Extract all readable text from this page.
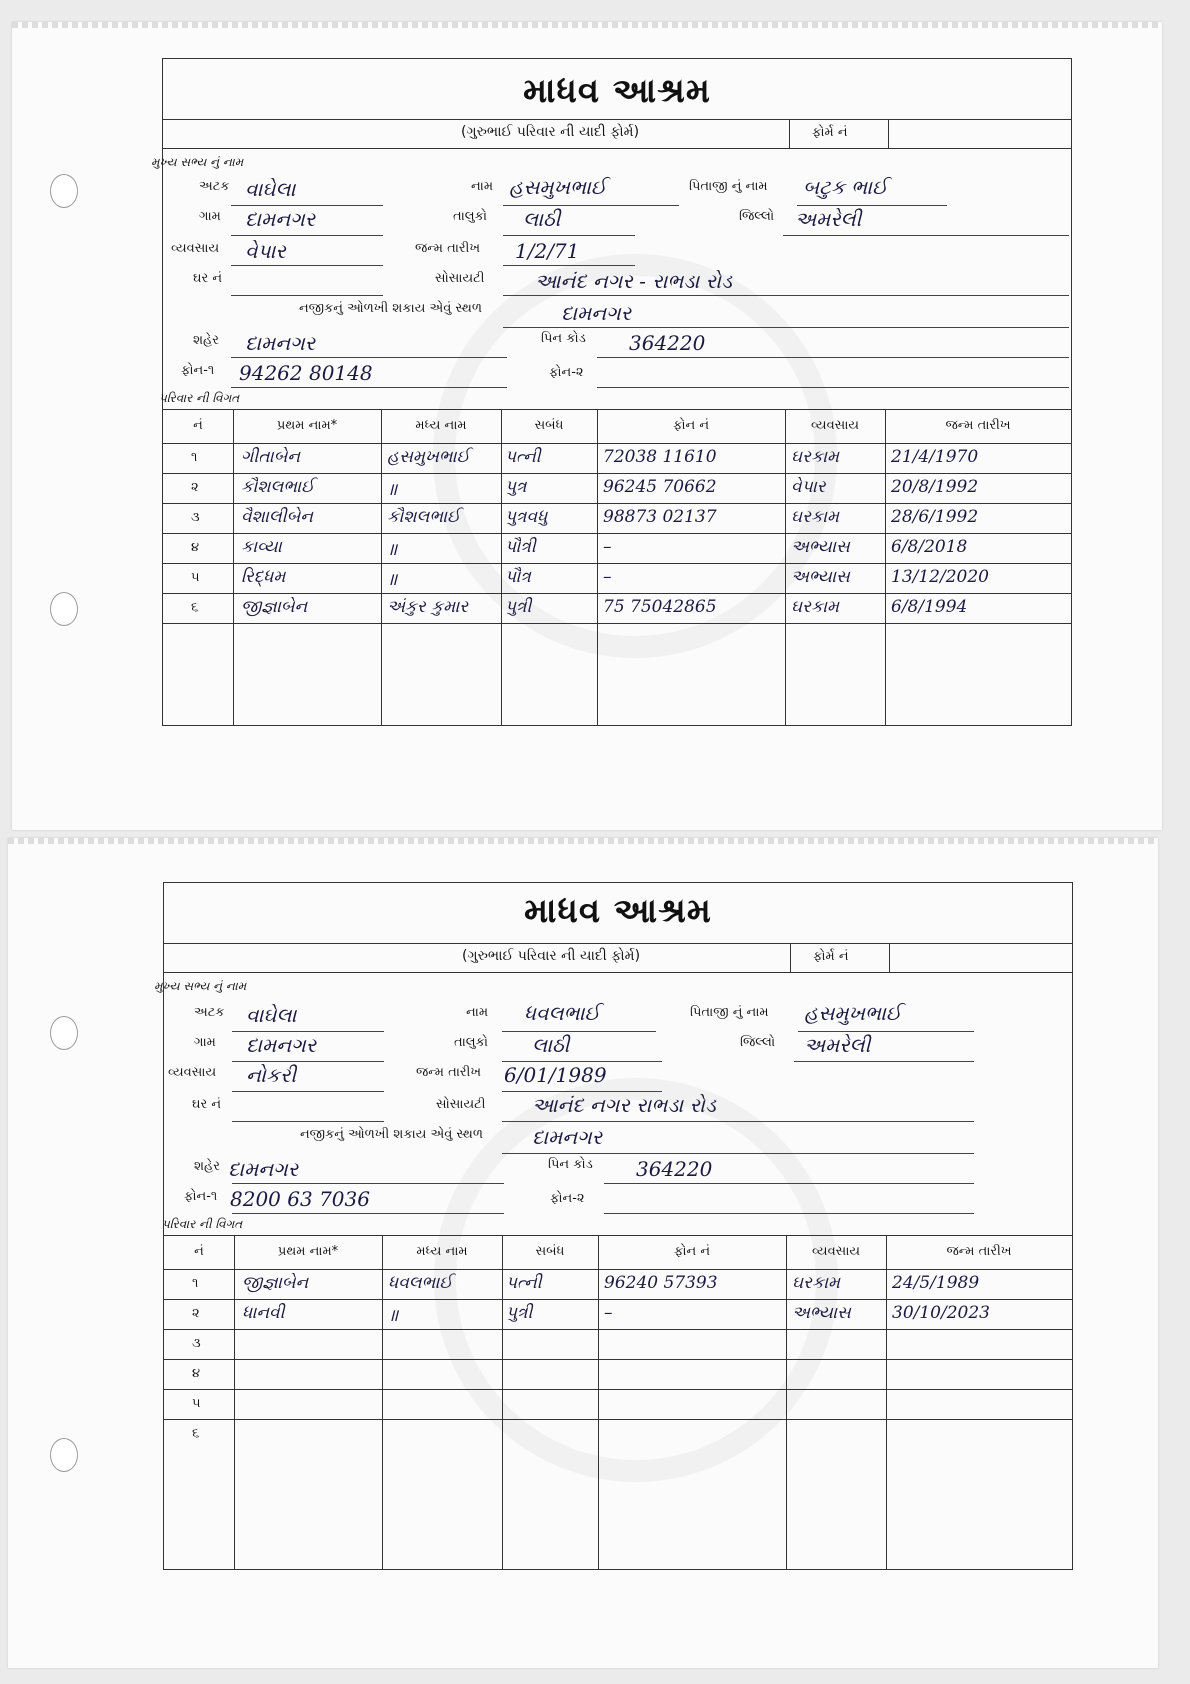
માધવ આશ્રમ
(ગુરુભાઈ પરિવાર ની યાદી ફોર્મ)	ફોર્મ નં
મુખ્ય સભ્ય નું નામ
અટક વાઘેલા	નામ હસમુખભાઈ	પિતાજી નું નામ બટુક ભાઈ
ગામ દામનગર	તાલુકો લાઠી	જિલ્લો અમરેલી
વ્યવસાય વેપાર	જન્મ તારીખ 1/2/71
ઘર નં	સોસાયટી	આનંદ નગર - રાભડા રોડ
નજીકનું ઓળખી શકાય એવું સ્થળ	દામનગર
શહેર દામનગર	પિન કોડ 364220
ફોન-૧ 94262 80148	ફોન-૨
પરિવાર ની વિગત
નં	પ્રથમ નામ*	મધ્ય નામ	સબંધ	ફોન નં	વ્યવસાય	જન્મ તારીખ
૧	ગીતાબેન	હસમુખભાઈ	પત્ની	72038 11610	ઘરકામ	21/4/1970
૨ કૌશલભાઈ	॥	પુત્ર	96245 70662	વેપાર	20/8/1992
૩ વૈશાલીબેન	કૌશલભાઈ	પુત્રવધુ	98873 02137	ઘરકામ	28/6/1992
૪ કાવ્યા	॥	પૌત્રી	–	અભ્યાસ	6/8/2018
૫ રિદ્ધમ	॥	પૌત્ર	–	અભ્યાસ	13/12/2020
૬	જીજ્ઞાબેન	અંકુર કુમાર	પુત્રી	75 75042865	ઘરકામ	6/8/1994
માધવ આશ્રમ
(ગુરુભાઈ પરિવાર ની યાદી ફોર્મ)	ફોર્મ નં
મુખ્ય સભ્ય નું નામ
અટક વાઘેલા	નામ ધવલભાઈ	પિતાજી નું નામ હસમુખભાઈ
ગામ દામનગર	તાલુકો લાઠી	જિલ્લો અમરેલી
વ્યવસાય નોકરી	જન્મ તારીખ 6/01/1989
ઘર નં	સોસાયટી આનંદ નગર રાભડા રોડ
નજીકનું ઓળખી શકાય એવું સ્થળ દામનગર
શહેર દામનગર	પિન કોડ 364220
ફોન-૧ 8200 63 7036	ફોન-૨
પરિવાર ની વિગત
નં	પ્રથમ નામ*	મધ્ય નામ	સબંધ	ફોન નં	વ્યવસાય	જન્મ તારીખ
૧	જીજ્ઞાબેન	ધવલભાઈ	પત્ની	96240 57393	ઘરકામ	24/5/1989
૨ ધાનવી	॥	પુત્રી	–	અભ્યાસ	30/10/2023
૩
૪
૫
૬
